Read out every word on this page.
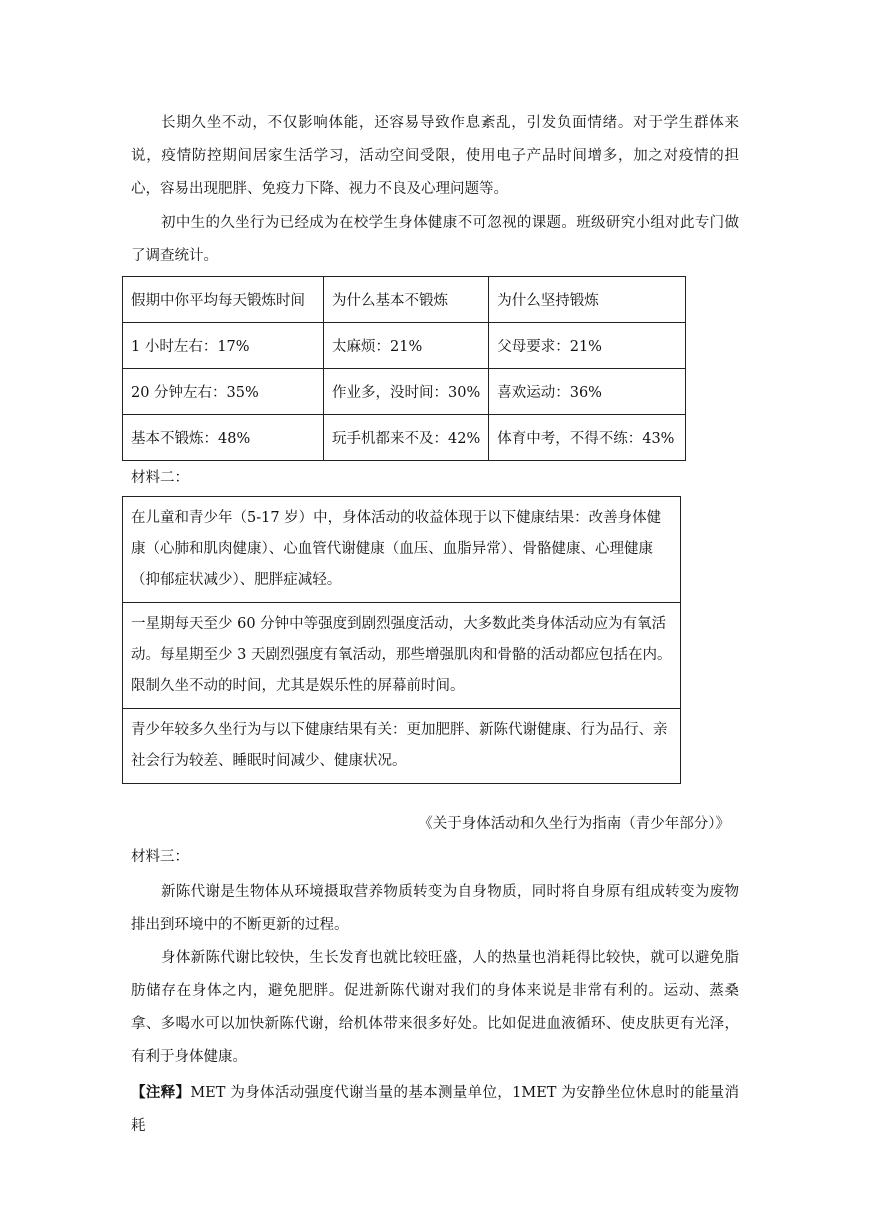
长期久坐不动，不仅影响体能，还容易导致作息紊乱，引发负面情绪。对于学生群体来说，疫情防控期间居家生活学习，活动空间受限，使用电子产品时间增多，加之对疫情的担心，容易出现肥胖、免疫力下降、视力不良及心理问题等。

初中生的久坐行为已经成为在校学生身体健康不可忽视的课题。班级研究小组对此专门做了调查统计。

假期中你平均每天锻炼时间	为什么基本不锻炼	为什么坚持锻炼
1 小时左右：17%	太麻烦：21%	父母要求：21%
20 分钟左右：35%	作业多，没时间：30%	喜欢运动：36%
基本不锻炼：48%	玩手机都来不及：42%	体育中考，不得不练：43%

材料二：

在儿童和青少年（5-17 岁）中，身体活动的收益体现于以下健康结果：改善身体健康（心肺和肌肉健康）、心血管代谢健康（血压、血脂异常）、骨骼健康、心理健康（抑郁症状减少）、肥胖症减轻。
一星期每天至少 60 分钟中等强度到剧烈强度活动，大多数此类身体活动应为有氧活动。每星期至少 3 天剧烈强度有氧活动，那些增强肌肉和骨骼的活动都应包括在内。限制久坐不动的时间，尤其是娱乐性的屏幕前时间。
青少年较多久坐行为与以下健康结果有关：更加肥胖、新陈代谢健康、行为品行、亲社会行为较差、睡眠时间减少、健康状况。

《关于身体活动和久坐行为指南（青少年部分）》

材料三：

新陈代谢是生物体从环境摄取营养物质转变为自身物质，同时将自身原有组成转变为废物排出到环境中的不断更新的过程。

身体新陈代谢比较快，生长发育也就比较旺盛，人的热量也消耗得比较快，就可以避免脂肪储存在身体之内，避免肥胖。促进新陈代谢对我们的身体来说是非常有利的。运动、蒸桑拿、多喝水可以加快新陈代谢，给机体带来很多好处。比如促进血液循环、使皮肤更有光泽，有利于身体健康。

【注释】MET 为身体活动强度代谢当量的基本测量单位，1MET 为安静坐位休息时的能量消耗
